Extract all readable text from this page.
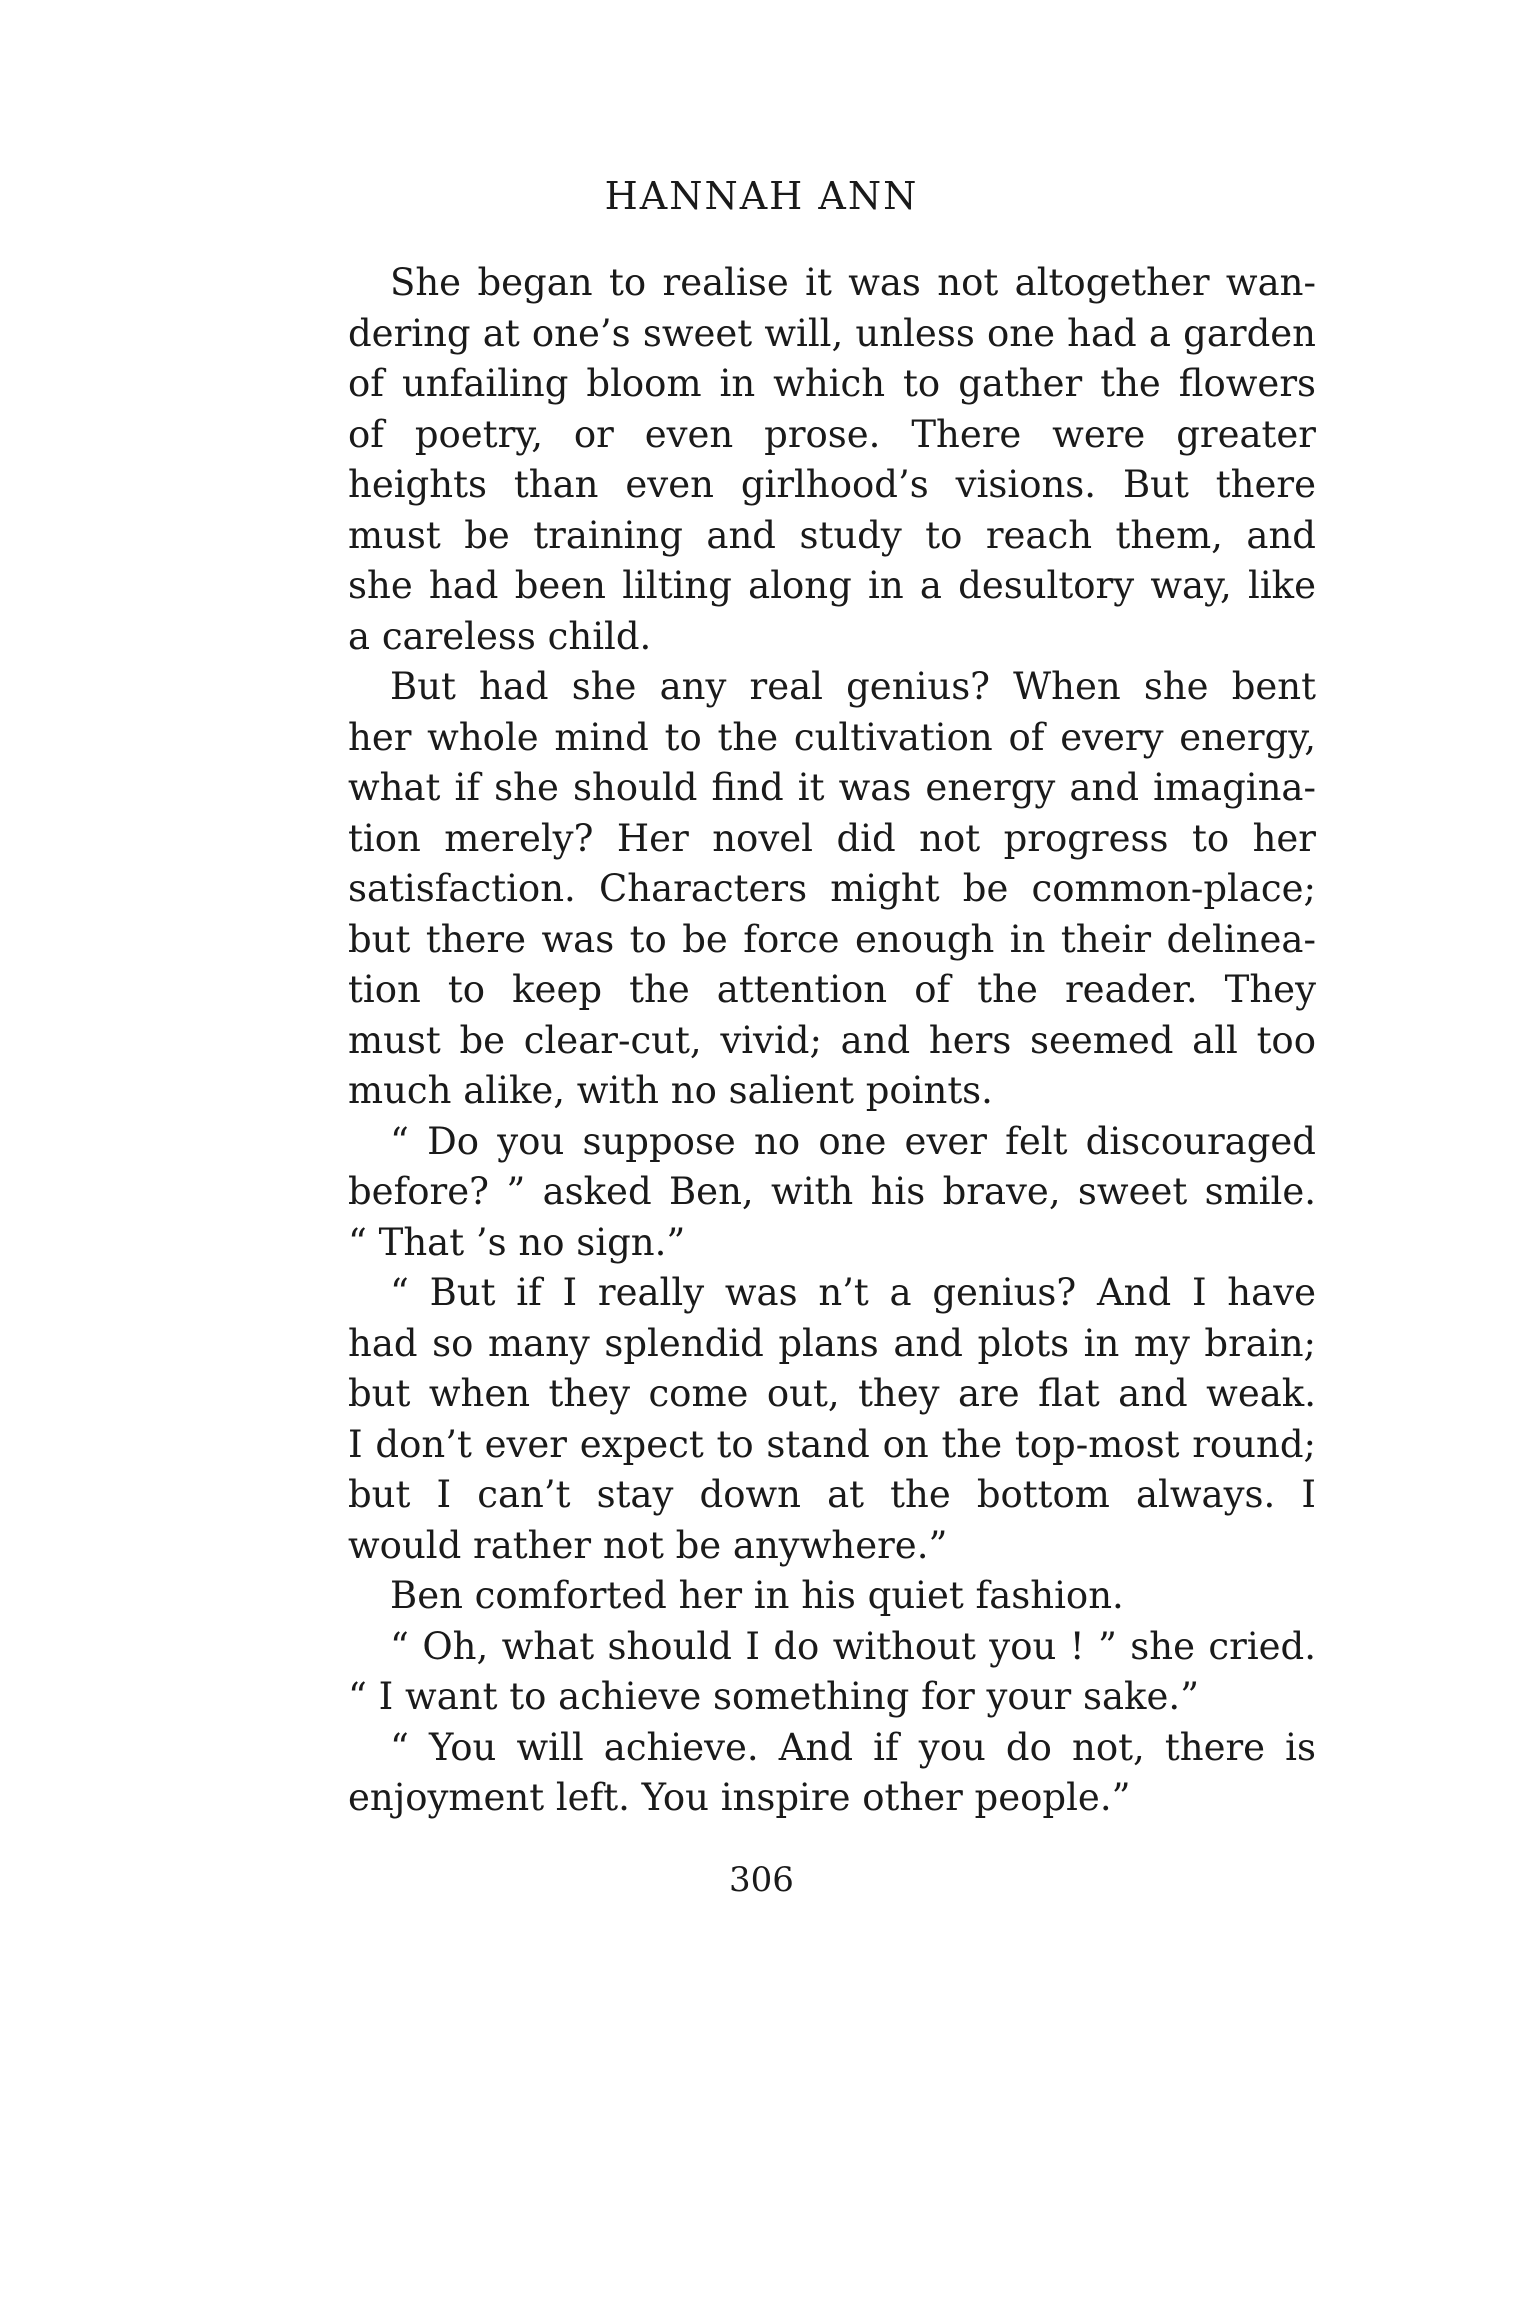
HANNAH ANN
She began to realise it was not altogether wan-
dering at one’s sweet will, unless one had a garden
of unfailing bloom in which to gather the flowers
of poetry, or even prose. There were greater
heights than even girlhood’s visions. But there
must be training and study to reach them, and
she had been lilting along in a desultory way, like
a careless child.
But had she any real genius? When she bent
her whole mind to the cultivation of every energy,
what if she should find it was energy and imagina-
tion merely? Her novel did not progress to her
satisfaction. Characters might be common-place;
but there was to be force enough in their delinea-
tion to keep the attention of the reader. They
must be clear-cut, vivid; and hers seemed all too
much alike, with no salient points.
“ Do you suppose no one ever felt discouraged
before? ” asked Ben, with his brave, sweet smile.
“ That ’s no sign.”
“ But if I really was n’t a genius? And I have
had so many splendid plans and plots in my brain;
but when they come out, they are flat and weak.
I don’t ever expect to stand on the top-most round;
but I can’t stay down at the bottom always. I
would rather not be anywhere.”
Ben comforted her in his quiet fashion.
“ Oh, what should I do without you ! ” she cried.
“ I want to achieve something for your sake.”
“ You will achieve. And if you do not, there is
enjoyment left. You inspire other people.”
306
